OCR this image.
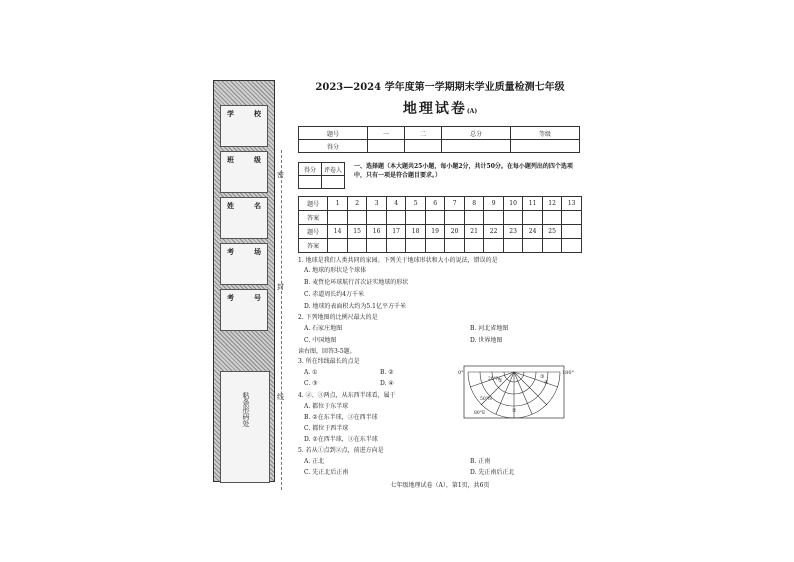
学	校
班	级
姓	名
考	场
考	号
粘条形码处
密
封
线
2023—2024 学年度第一学期期末学业质量检测七年级
地理试卷(A)
题号	一	二	总分	等级
得分				
得分	评卷人
	一、选择题（本大题共25小题，每小题2分，共计50分。在每小题列出的四个选项中，只有一项是符合题目要求。）
题号	1	2	3	4	5	6	7	8	9	10	11	12	13
答案													
题号	14	15	16	17	18	19	20	21	22	23	24	25	
答案													
1. 地球是我们人类共同的家园。下列关于地球形状和大小的说法，错误的是
A. 地球的形状是个球体
B. 麦哲伦环球航行首次证实地球的形状
C. 赤道周长约4万千米
D. 地球的表面积大约为5.1亿平方千米
2. 下列地图的比例尺最大的是
A. 石家庄地图	B. 河北省地图
C. 中国地图	D. 世界地图
读右图，回答3-5题。
3. 所在纬线最长的点是
A. ①	B. ②
C. ③	D. ④
4. ②、③两点，从东西半球看，属于
A. 都位于东半球
B. ②在东半球，③在西半球
C. 都位于西半球
D. ②在西半球，③在东半球
5. 若从①点到②点，前进方向是
A. 正北	B. 正南
C. 先正北后正南	D. 先正南后正北
0°	180°
20°N
50°N
80°E
①
③
④
②
七年级地理试卷（A），第1页，共6页
